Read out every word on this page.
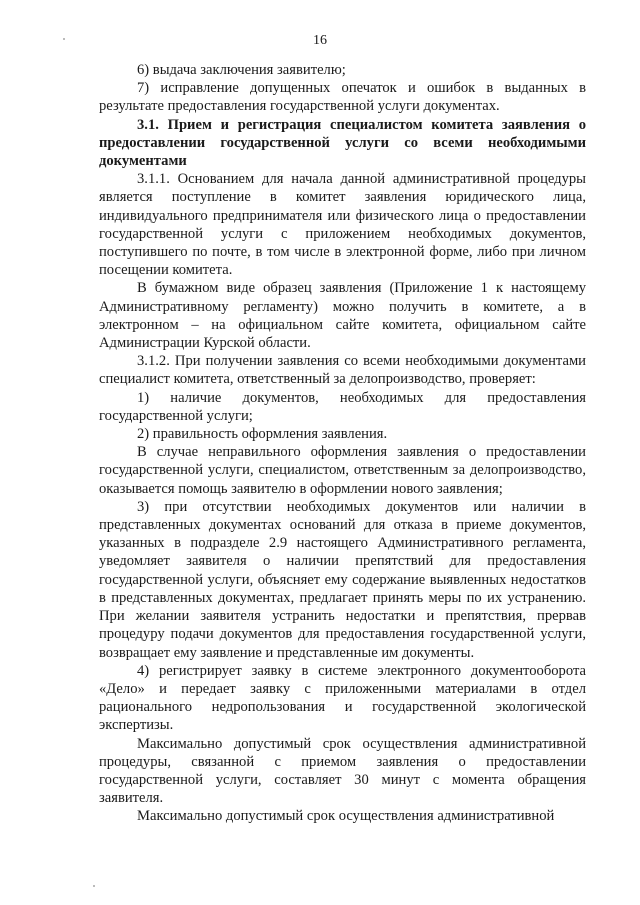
16

6) выдача заключения заявителю;

7) исправление допущенных опечаток и ошибок в выданных в результате предоставления государственной услуги документах.

3.1. Прием и регистрация специалистом комитета заявления о предоставлении государственной услуги со всеми необходимыми документами

3.1.1. Основанием для начала данной административной процедуры является поступление в комитет заявления юридического лица, индивидуального предпринимателя или физического лица о предоставлении государственной услуги с приложением необходимых документов, поступившего по почте, в том числе в электронной форме, либо при личном посещении комитета.

В бумажном виде образец заявления (Приложение 1 к настоящему Административному регламенту) можно получить в комитете, а в электронном – на официальном сайте комитета, официальном сайте Администрации Курской области.

3.1.2. При получении заявления со всеми необходимыми документами специалист комитета, ответственный за делопроизводство, проверяет:

1) наличие документов, необходимых для предоставления государственной услуги;

2) правильность оформления заявления.

В случае неправильного оформления заявления о предоставлении государственной услуги, специалистом, ответственным за делопроизводство, оказывается помощь заявителю в оформлении нового заявления;

3) при отсутствии необходимых документов или наличии в представленных документах оснований для отказа в приеме документов, указанных в подразделе 2.9 настоящего Административного регламента, уведомляет заявителя о наличии препятствий для предоставления государственной услуги, объясняет ему содержание выявленных недостатков в представленных документах, предлагает принять меры по их устранению. При желании заявителя устранить недостатки и препятствия, прервав процедуру подачи документов для предоставления государственной услуги, возвращает ему заявление и представленные им документы.

4) регистрирует заявку в системе электронного документооборота «Дело» и передает заявку с приложенными материалами в отдел рационального недропользования и государственной экологической экспертизы.

Максимально допустимый срок осуществления административной процедуры, связанной с приемом заявления о предоставлении государственной услуги, составляет 30 минут с момента обращения заявителя.

Максимально допустимый срок осуществления административной
